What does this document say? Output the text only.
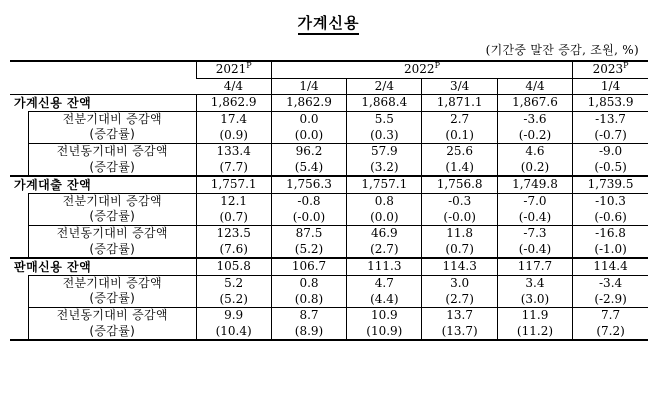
가계신용
(기간중 말잔 증감, 조원, %)
	$2021^P$	$2022^P$				$2023^P$
	4/4	1/4	2/4	3/4	4/4	1/4
가계신용 잔액	1,862.9	1,862.9	1,868.4	1,871.1	1,867.6	1,853.9

전분기대비 증감액	17.4	0.0	5.5	2.7	-3.6	-13.7

(증감률)	(0.9)	(0.0)	(0.3)	(0.1)	(-0.2)	(-0.7)

전년동기대비 증감액	133.4	96.2	57.9	25.6	4.6	-9.0

(증감률)	(7.7)	(5.4)	(3.2)	(1.4)	(0.2)	(-0.5)
가계대출 잔액	1,757.1	1,756.3	1,757.1	1,756.8	1,749.8	1,739.5

전분기대비 증감액	12.1	-0.8	0.8	-0.3	-7.0	-10.3

(증감률)	(0.7)	(-0.0)	(0.0)	(-0.0)	(-0.4)	(-0.6)

전년동기대비 증감액	123.5	87.5	46.9	11.8	-7.3	-16.8

(증감률)	(7.6)	(5.2)	(2.7)	(0.7)	(-0.4)	(-1.0)
판매신용 잔액	105.8	106.7	111.3	114.3	117.7	114.4

전분기대비 증감액	5.2	0.8	4.7	3.0	3.4	-3.4

(증감률)	(5.2)	(0.8)	(4.4)	(2.7)	(3.0)	(-2.9)

전년동기대비 증감액	9.9	8.7	10.9	13.7	11.9	7.7

(증감률)	(10.4)	(8.9)	(10.9)	(13.7)	(11.2)	(7.2)
